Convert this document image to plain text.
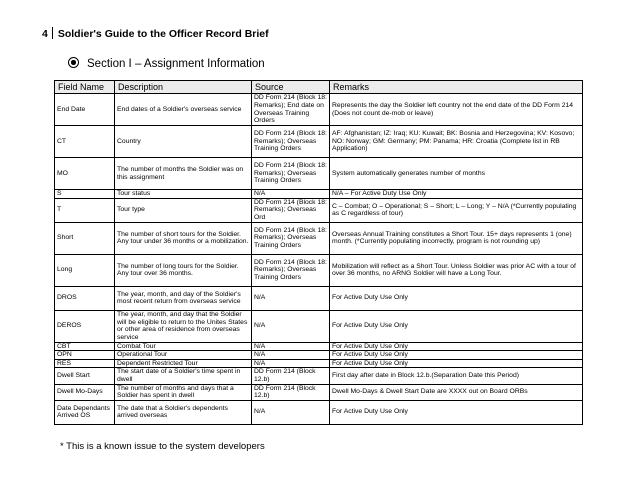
4 Soldier's Guide to the Officer Record Brief
Section I – Assignment Information
Field Name	Description	Source	Remarks
End Date	End dates of a Soldier's overseas service	DD Form 214 (Block 18: Remarks); End date on Overseas Training Orders	Represents the day the Soldier left country not the end date of the DD Form 214 (Does not count de-mob or leave)
CT	Country	DD Form 214 (Block 18: Remarks); Overseas Training Orders	AF: Afghanistan; IZ: Iraq; KU: Kuwait; BK: Bosnia and Herzegovina; KV: Kosovo; NO: Norway; GM: Germany; PM: Panama; HR: Croatia (Complete list in RB Application)
MO	The number of months the Soldier was on this assignment	DD Form 214 (Block 18: Remarks); Overseas Training Orders	System automatically generates number of months
S	Tour status	N/A	N/A – For Active Duty Use Only
T	Tour type	DD Form 214 (Block 18: Remarks); Overseas Ord	C – Combat; O – Operational; S – Short; L – Long; Y – N/A (*Currently populating as C regardless of tour)
Short	The number of short tours for the Soldier. Any tour under 36 months or a mobilization.	DD Form 214 (Block 18: Remarks); Overseas Training Orders	Overseas Annual Training constitutes a Short Tour. 15+ days represents 1 (one) month. (*Currently populating incorrectly, program is not rounding up)
Long	The number of long tours for the Soldier. Any tour over 36 months.	DD Form 214 (Block 18: Remarks); Overseas Training Orders	Mobilization will reflect as a Short Tour. Unless Soldier was prior AC with a tour of over 36 months, no ARNG Soldier will have a Long Tour.
DROS	The year, month, and day of the Soldier's most recent return from overseas service	N/A	For Active Duty Use Only
DEROS	The year, month, and day that the Soldier will be eligible to return to the Unites States or other area of residence from overseas service	N/A	For Active Duty Use Only
CBT	Combat Tour	N/A	For Active Duty Use Only
OPN	Operational Tour	N/A	For Active Duty Use Only
RES	Dependent Restricted Tour	N/A	For Active Duty Use Only
Dwell Start	The start date of a Soldier's time spent in dwell	DD Form 214 (Block 12.b)	First day after date in Block 12.b.(Separation Date this Period)
Dwell Mo-Days	The number of months and days that a Soldier has spent in dwell	DD Form 214 (Block 12.b)	Dwell Mo-Days & Dwell Start Date are XXXX out on Board ORBs
Date Dependants Arrived OS	The date that a Soldier's dependents arrived overseas	N/A	For Active Duty Use Only
* This is a known issue to the system developers
